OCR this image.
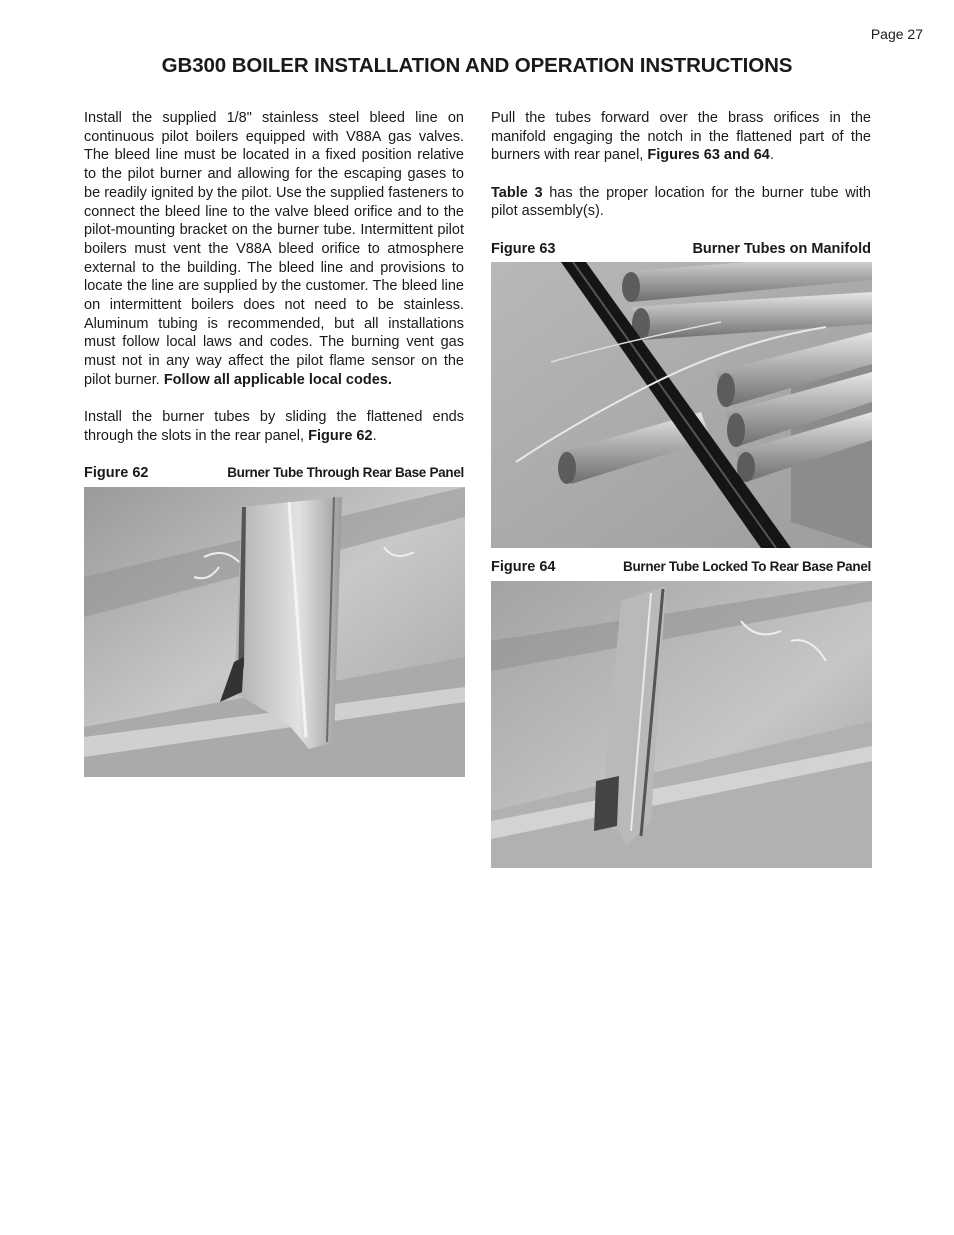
Page 27
GB300 BOILER INSTALLATION AND OPERATION INSTRUCTIONS

Install the supplied 1/8" stainless steel bleed line on continuous pilot boilers equipped with V88A gas valves. The bleed line must be located in a fixed position relative to the pilot burner and allowing for the escaping gases to be readily ignited by the pilot. Use the supplied fasteners to connect the bleed line to the valve bleed orifice and to the pilot-mounting bracket on the burner tube. Intermittent pilot boilers must vent the V88A bleed orifice to atmosphere external to the building. The bleed line and provisions to locate the line are supplied by the customer. The bleed line on intermittent boilers does not need to be stainless. Aluminum tubing is recommended, but all installations must follow local laws and codes. The burning vent gas must not in any way affect the pilot flame sensor on the pilot burner. Follow all applicable local codes.

Install the burner tubes by sliding the flattened ends through the slots in the rear panel, Figure 62.

Figure 62	Burner Tube Through Rear Base Panel

Pull the tubes forward over the brass orifices in the manifold engaging the notch in the flattened part of the burners with rear panel, Figures 63 and 64.

Table 3 has the proper location for the burner tube with pilot assembly(s).

Figure 63	Burner Tubes on Manifold
Figure 64	Burner Tube Locked To Rear Base Panel
